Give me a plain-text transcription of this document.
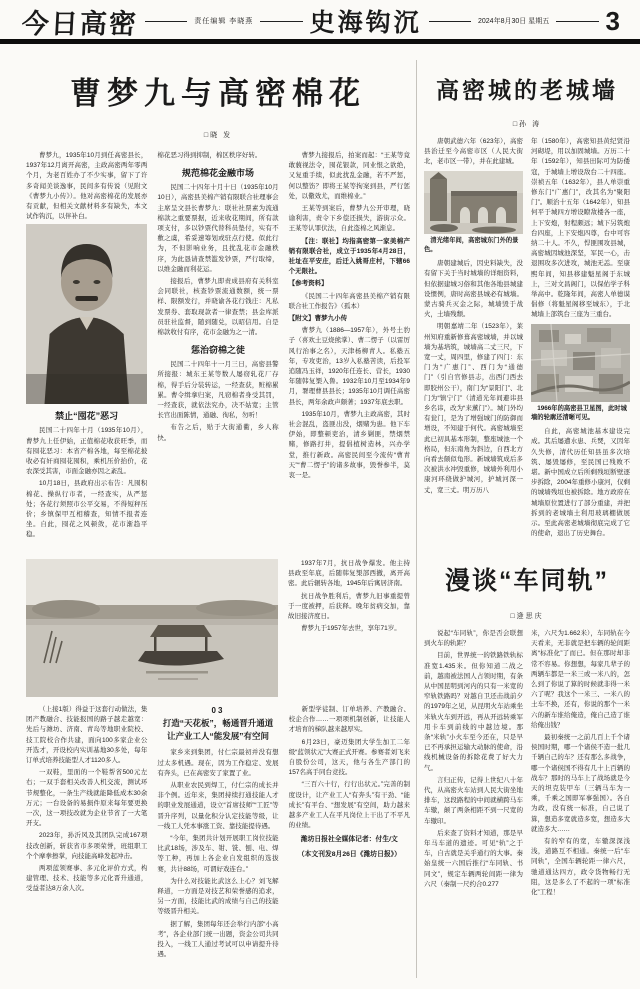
今日高密	责任编辑 李晓燕 史海钩沉	2024年8月30日 星期五 3
曹梦九与高密棉花
□晓 发

曹梦九，1935年10月到任高密县长，1937年12月离开高密，主政高密两年零两个月，为老百姓办了不少实事，留下了许多奇闻美谈逸事，民间多有传说（见附文《曹梦九小传》）。他对高密棉花的发展亦有贡献，但相关文献材料多有缺失，本文试作钩沉，以伴补白。

禁止“囤花”恶习

民国二十四年十月（1935年10月），曹梦九上任伊始，正值棉花收获旺季，而有囤花恶习：本省产棉各地，每至棉花披收必有奸商囤花囤积，乘机压价抬价，花农深受其害，市面金融亦因之紊乱。

10月18日，县政府出示布告：凡囤积棉花、操纵行市者，一经查实，从严惩处；各花行须照市公平交易，不得短秤压价；乡镇保甲互相稽查，知情不报者连坐。自此，囤花之风顿敛，花市渐趋平稳。

棉花恶习得到抑制，棉区秩序好转。

规范棉花金融市场

民国二十四年十月十日（1935年10月10日），高密县美棉产销有限联合社理事会主席呈文县长曹梦九：联社社票素为流通棉款之重要票据，近来收花期间，所有款项支付，多以钞票代替科员垫付，实有不敷之虞，希妥速筹划或驻点行使。似此行为，不但影响业务，且扰乱花市金融秩序，为此恳请查禁滥发钞票，严行取缔，以维金融而利花运。

接报后，曹梦九即责成县府有关科室会同联社，核查钞票流通数额，统一票样、限额发行，并晓谕各花行钱庄：凡私发票券、套取现款者一律查禁；县金库派员驻社监督，随到随兑，以昭信用。自是棉款收付有序，花市金融为之一清。

惩治窃棉之徒

民国二十四年十一月三日，高密县警所接报：城东王某等数人屡窃轧花厂存棉，得手后分装转运，一经查获，赃棉累累。曹令缉拿归案，凡窃棉者身受其罚，一经查获，就依法究办，决不姑宽；主管长官出面陈情，通融、徇私，勿听！

布告之后，贴于大街通衢，乡人称快。

曹梦九接报后，拍案而起：“王某等竟敢藐视法令，囤花银款，同业恨之欲绝，又复重手续，似此扰乱金融，若不严惩，何以整饬？即将王某等拘案到县，严行惩处，以儆效尤，而维棉业。”

王某等到案后，曹梦九公开审理，晓谕利害，责令下乡偿还损失，游街示众。王某等认罪伏法，自此盗棉之风渐息。

【注：联社】均指高密第一家美棉产销有限联合社，成立于1935年4月28日，社址在平安庄，后迁入姚哥庄村，下辖66个无限社。

【参考资料】

《民国二十四年高密县美棉产销有限联合社工作报告》（孤本）

【附文】曹梦九小传

曹梦九（1886—1957年），外号土豹子（喜欢土豆烧熊掌）、曹二愣子（以雷厉风行治事之名），天津杨柳青人。私塾五年，专攻吏治，13岁入私塾苦读，后投军追随冯玉祥，1920年任连长、营长，1930年随韩复榘入鲁。1932年10月至1934年9月，署理曹县县长；1935年10月调任高密县长，两年余政声颇著；1937年底去职。

1935年10月，曹梦九主政高密，其时社会混乱，盗匪出没，烟赌为患。他下车伊始，即整顿吏治，清乡剿匪，禁烟禁赌，修路打井，提倡植树造林，兴办学堂，推行新政。高密民间至今流传“曹青天”“曹二愣子”的诸多故事，毁誉参半，莫衷一是。

1937年7月，抗日战争爆发。他主持县政至年底，后随韩复榘部西撤，离开高密。此后辗转各地，1945年后寓居济南。

抗日战争胜利后，曹梦九旧事重提曾于一度被押，后获释。晚年贫病交加，靠故旧接济度日。

曹梦九于1957年去世，享年71岁。

（上接1版）得益于这套行动做法，集团产教融合、技能报国的路子越走越宽：先后与潍坊、济南、青岛等地职业院校、技工院校合作共建，面向100多家企业公开选才，开设校内实训基地30多处，每年订单式培养技能型人才1120多人。

一双鞋，里面的一个鞋帮省500元左右；一双手套相关改善人机交流，测试环节规整化，一条生产线就能降低成本30余万元；一台设备的易损件原来每年要更换一次，这一项技改就为企业节省了一大笔开支。

2023年，孙沂风及其团队完成167项技改创新，斩获省市多项荣誉，班组职工个个摩拳擦掌，向技能高峰发起冲击。

两项蓝领赛事、多元化评价方式，构建管理、技术、技能等多元化晋升通道，受益者达8万余人次。

03
打造“天花板”，畅通晋升通道
让产业工人“能发展”有空间

家乡来到集团，付仁宗最初并没有想过太多机遇。现在，因为工作稳定、发展有奔头，已在高密安了家置了业。

从职业农民到焊工，付仁宗的成长并非个例。近年来，集团持续打通技能人才的职业发展通道，设立“首席技师”“工匠”等晋升序列，以量化积分认定技能等级，让一线工人凭本事涨工资、靠技能提待遇。

“今年，集团共计划开展职工岗位技能比武18场，涉及车、钳、铣、刨、电、焊等工种，再加上各企业自发组织的选拔赛，共计88场，可谓好戏连台。”

为什么对技能比武这么上心？刘飞解释道，一方面是对技艺和荣誉感的追求，另一方面，技能比武的成绩与自己的技能等级晋升相关。

据了解，集团每年还会举行内部“小高考”，各企业部门统一出题，资金公司共同投入，一线工人通过考试可以申请提升待遇。

新型学徒制、订单培养、产教融合、校企合作……一项项机制创新，让技能人才培育的梯队越来越厚实。

6月23日，豪迈集团大学生加工二年级“蓝领状元”大赛正式开赛。参赛者刘飞来自股份公司，这天，他与各生产部门的157名高手同台竞技。

“三百六十行，行行出状元。”完善的制度设计，让产业工人“有奔头”有干劲、“能成长”有平台、“想发展”有空间，助力越来越多产业工人在平凡岗位上干出了不平凡的业绩。

潍坊日报社全媒体记者：付生/文
（本文刊发8月26日《潍坊日报》）
高密城的老城墙
□孙 涛

唐朝武德六年（623年），高密县治迁至今高密市区（人民大街北，老市区一带），并在此建城。

清光绪年间，高密城东门外的景色。

唐朝建城后，因史料缺失，没有留下关于当时城墙的详细资料，但依据建城习俗和其他各地县城建设惯例，唐时高密县城必有城墙。蒙古骑兵灭金之际，城墙毁于战火，土墙残颓。

明朝嘉靖二年（1523年），莱州知府重新修葺高密城墙，并以城墙为基培筑，城墙高二丈三尺，下宽一丈，周四里，修建了四门：东门为“广惠门”、西门为“通德门”（引自官修县志，出西门西去即胶州公干），南门为“景阳门”、北门为“镇宁门”（清道光年间避讳县乡名讳，改为“来薰门”）。城门外均有瓮门，是为了增强城门的防御而增设，不知建于何代。高密城墙至此已初具基本形制，整座城池一个格局，但东南角为斜边，自西北方向看去颇似龟形。新城墙筑成后多次被洪水冲毁重修，城墙外利用小康河环绕做护城河，护城河深一丈，宽三丈。明万历八

年（1580年），高密知县黄纪贤沿河砌堤，用以加固城墙。万历二十年（1592年），知县田际可为防倭寇，于城墙上增设敌台二十四座。崇祯五年（1632年），县人单崇重修东门“广惠门”，改其名为“聚阳门”。顺治十五年（1642年），知县何平于城四方增设瞭敌楼各一座，上下安炮，射程颇远；城下另筑炮台四座，上下安炮四尊，台中可容纳二十人。不久，悍匪围攻县城，高密城因城池深坚，军民一心，击退围攻多次进攻，城池无恙。至康熙年间，知县移建魁星阁于东城上，三对文昌阁门，以保佑学子科举高中。乾隆年间，高密人单德谟倡修（将魁星阁移至城东），于北城墙上部筑台三座为三重台。

1966年的高密县卫星图，此时城墙的轮廓还清晰可见。

自此，高密城池基本建设完成。其后屡遭水患、兵燹，又因年久失修，清代历任知县虽多次培筑、屡毁屡修，至民国已残败不堪。新中国成立后所剩残垣断壁逐步拆除，2004年重修小康河，仅剩的城墙残垣也被拆除。地方政府在城墙原位置进行了部分重建，并把拆到的老城墙土利用玻璃棚做展示。至此高密老城墙彻底完成了它的使命，退出了历史舞台。

漫谈“车同轨”
□逄思庆

说起“车同轨”，你是否会联想到火车的轨距？

目前，世界统一的铁路铁轨标准宽1.435米。但你知道二战之前，越南被法国人占领时期，有条从中国昆明到河内的只有一米宽的窄轨铁路吗？对越自卫还击战前夕的1979年之见，从昆明火车站乘坐米轨火车到开远，再从开远转乘军用卡车到前线的中越边境。那条“米轨”小火车至今还在，只是早已不再承担运输大动脉的使命，沿线机械设备的拆除花费了好大力气。

言归正传，记得上世纪八十年代，从高密火车站到人民大街坐地排车，这段路程的中间就横跨马车车辙，颠了两条相距不到一尺宽的车辙印。

后来查了资料才知道，那是早年马车道的遗迹。可见“轨”之于车，自古就是关乎通行的大事。秦始皇统一六国后推行“车同轨、书同文”，规定车辆两轮间距一律为六尺（秦制一尺约合0.277

米，六尺为1.662米），车同轨在今天看来，无非就是把车辆的轮间距离“标准化”了而已。但在那时却非常不容易。你想想，每家几辈子的两辆车都是一米三或一米八的，怎么到了你说了算的时候就非得一米六了呢？我这个一米三、一米八的土车不换，还有，你说的那个一米六的新车谁给俺造，俺自己造了谁给俺出钱？

最初秦统一之前几百上千个诸侯国时期，哪一个诸侯不造一批几千辆自己的车？还有那么多战争，哪一个诸侯国不得有几十上百辆的战车？那时的马车上了战场就是今天的坦克装甲车（三辆马车为一乘，千乘之国即军事强国）。各自为政，没有统一标准，自己说了算，想造多宽就造多宽，想造多大就造多大……

有的窄有的宽，车辙深深浅浅，道路互不相通。秦统一后“车同轨”，全国车辆轮距一律六尺，驰道通达四方，政令货物畅行无阻，这是多么了不起的一项“标准化”工程！
